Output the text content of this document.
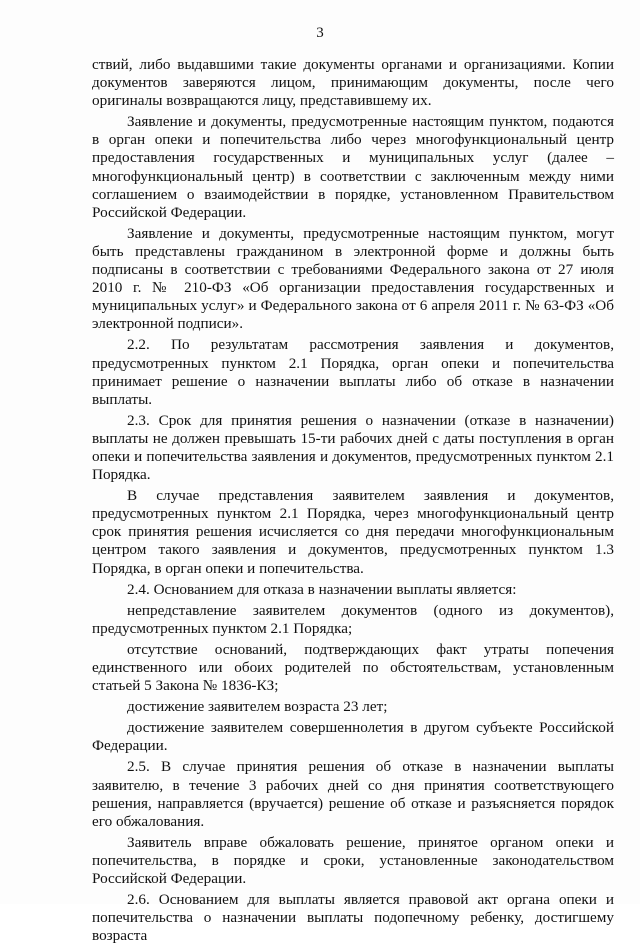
3

ствий, либо выдавшими такие документы органами и организациями. Копии документов заверяются лицом, принимающим документы, после чего оригиналы возвращаются лицу, представившему их.

Заявление и документы, предусмотренные настоящим пунктом, подаются в орган опеки и попечительства либо через многофункциональный центр предоставления государственных и муниципальных услуг (далее – многофункциональный центр) в соответствии с заключенным между ними соглашением о взаимодействии в порядке, установленном Правительством Российской Федерации.

Заявление и документы, предусмотренные настоящим пунктом, могут быть представлены гражданином в электронной форме и должны быть подписаны в соответствии с требованиями Федерального закона от 27 июля 2010 г. № 210-ФЗ «Об организации предоставления государственных и муниципальных услуг» и Федерального закона от 6 апреля 2011 г. № 63-ФЗ «Об электронной подписи».

2.2. По результатам рассмотрения заявления и документов, предусмотренных пунктом 2.1 Порядка, орган опеки и попечительства принимает решение о назначении выплаты либо об отказе в назначении выплаты.

2.3. Срок для принятия решения о назначении (отказе в назначении) выплаты не должен превышать 15-ти рабочих дней с даты поступления в орган опеки и попечительства заявления и документов, предусмотренных пунктом 2.1 Порядка.

В случае представления заявителем заявления и документов, предусмотренных пунктом 2.1 Порядка, через многофункциональный центр срок принятия решения исчисляется со дня передачи многофункциональным центром такого заявления и документов, предусмотренных пунктом 1.3 Порядка, в орган опеки и попечительства.

2.4. Основанием для отказа в назначении выплаты является:

непредставление заявителем документов (одного из документов), предусмотренных пунктом 2.1 Порядка;

отсутствие оснований, подтверждающих факт утраты попечения единственного или обоих родителей по обстоятельствам, установленным статьей 5 Закона № 1836-КЗ;

достижение заявителем возраста 23 лет;

достижение заявителем совершеннолетия в другом субъекте Российской Федерации.

2.5. В случае принятия решения об отказе в назначении выплаты заявителю, в течение 3 рабочих дней со дня принятия соответствующего решения, направляется (вручается) решение об отказе и разъясняется порядок его обжалования.

Заявитель вправе обжаловать решение, принятое органом опеки и попечительства, в порядке и сроки, установленные законодательством Российской Федерации.

2.6. Основанием для выплаты является правовой акт органа опеки и попечительства о назначении выплаты подопечному ребенку, достигшему возраста
